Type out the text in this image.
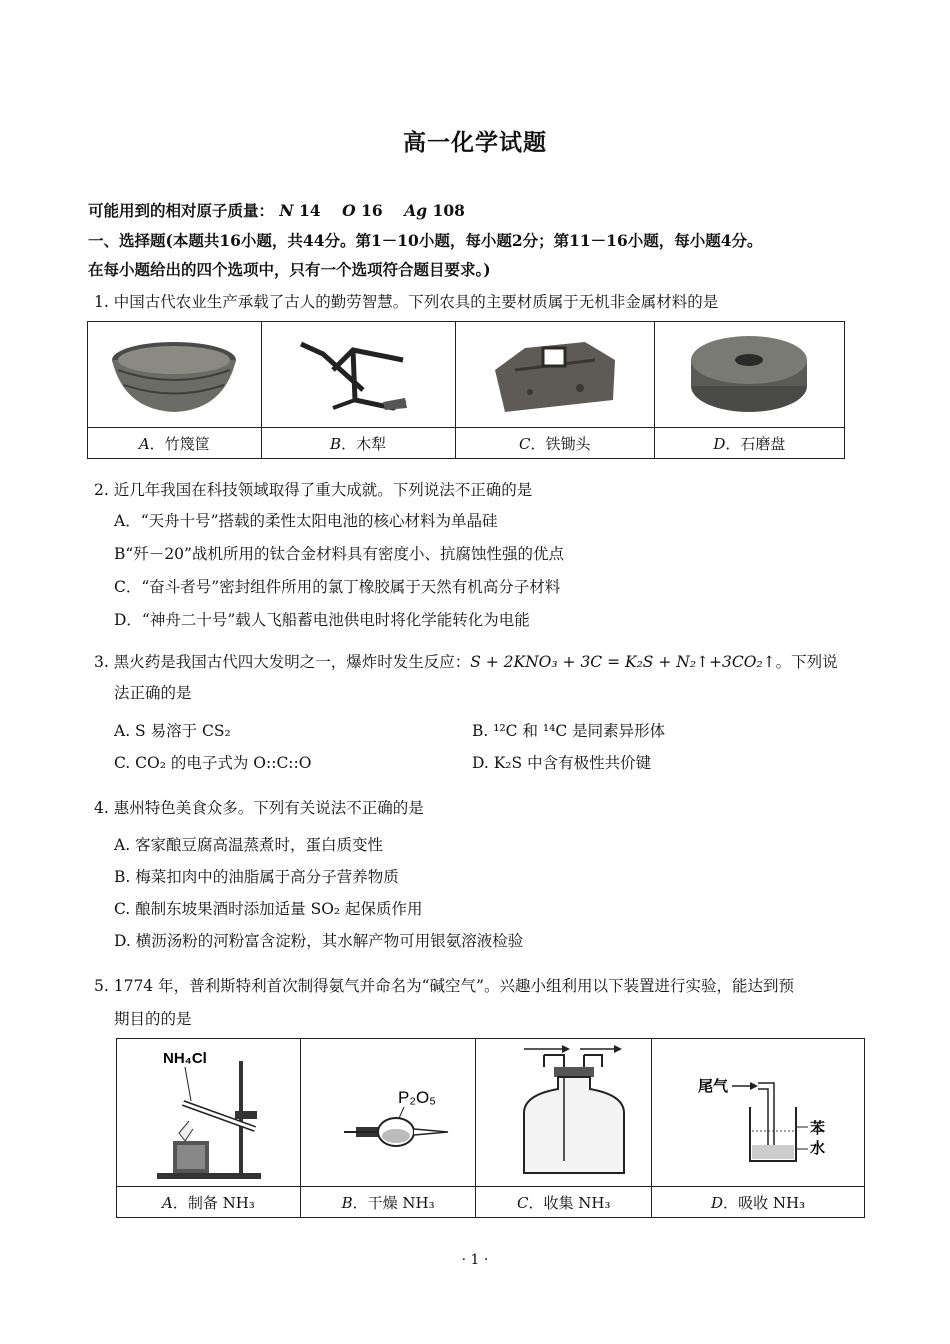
高一化学试题
可能用到的相对原子质量： N 14 O 16 Ag 108
一、选择题(本题共16小题，共44分。第1－10小题，每小题2分；第11－16小题，每小题4分。
在每小题给出的四个选项中，只有一个选项符合题目要求。)
1. 中国古代农业生产承载了古人的勤劳智慧。下列农具的主要材质属于无机非金属材料的是

A．竹篾筐	B．木犁	C．铁锄头	D．石磨盘
2. 近几年我国在科技领域取得了重大成就。下列说法不正确的是
A．“天舟十号”搭载的柔性太阳电池的核心材料为单晶硅
B“歼－20”战机所用的钛合金材料具有密度小、抗腐蚀性强的优点
C．“奋斗者号”密封组件所用的氯丁橡胶属于天然有机高分子材料
D．“神舟二十号”载人飞船蓄电池供电时将化学能转化为电能
3. 黑火药是我国古代四大发明之一，爆炸时发生反应：S + 2KNO₃ + 3C = K₂S + N₂↑+3CO₂↑。下列说
法正确的是
A. S 易溶于 CS₂	B. ¹²C 和 ¹⁴C 是同素异形体
C. CO₂ 的电子式为 O::C::O	D. K₂S 中含有极性共价键
4. 惠州特色美食众多。下列有关说法不正确的是
A. 客家酿豆腐高温蒸煮时，蛋白质变性
B. 梅菜扣肉中的油脂属于高分子营养物质
C. 酿制东坡果酒时添加适量 SO₂ 起保质作用
D. 横沥汤粉的河粉富含淀粉，其水解产物可用银氨溶液检验
5. 1774 年，普利斯特利首次制得氨气并命名为“碱空气”。兴趣小组利用以下装置进行实验，能达到预
期目的的是
NH₄Cl	P₂O₅		尾气
苯
水

A．制备 NH₃	B．干燥 NH₃	C．收集 NH₃	D．吸收 NH₃
· 1 ·
